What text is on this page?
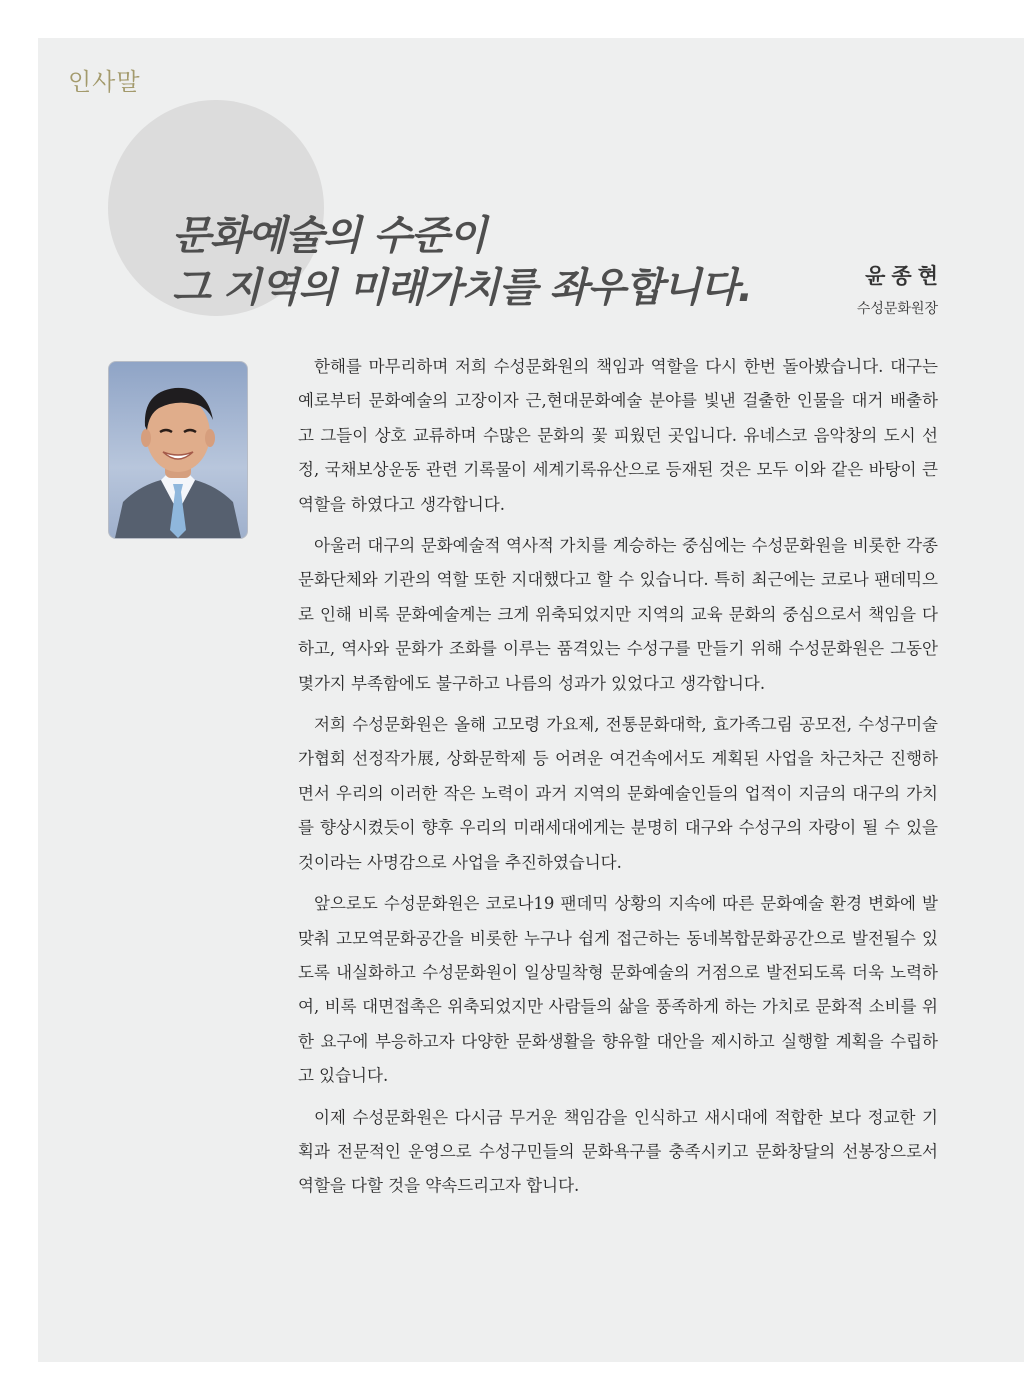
인사말
문화예술의 수준이
그 지역의 미래가치를 좌우합니다.	윤종현
수성문화원장

한해를 마무리하며 저희 수성문화원의 책임과 역할을 다시 한번 돌아봤습니다. 대구는 예로부터 문화예술의 고장이자 근,현대문화예술 분야를 빛낸 걸출한 인물을 대거 배출하고 그들이 상호 교류하며 수많은 문화의 꽃 피웠던 곳입니다. 유네스코 음악창의 도시 선정, 국채보상운동 관련 기록물이 세계기록유산으로 등재된 것은 모두 이와 같은 바탕이 큰 역할을 하였다고 생각합니다.

아울러 대구의 문화예술적 역사적 가치를 계승하는 중심에는 수성문화원을 비롯한 각종 문화단체와 기관의 역할 또한 지대했다고 할 수 있습니다. 특히 최근에는 코로나 팬데믹으로 인해 비록 문화예술계는 크게 위축되었지만 지역의 교육 문화의 중심으로서 책임을 다하고, 역사와 문화가 조화를 이루는 품격있는 수성구를 만들기 위해 수성문화원은 그동안 몇가지 부족함에도 불구하고 나름의 성과가 있었다고 생각합니다.

저희 수성문화원은 올해 고모령 가요제, 전통문화대학, 효가족그림 공모전, 수성구미술가협회 선정작가展, 상화문학제 등 어려운 여건속에서도 계획된 사업을 차근차근 진행하면서 우리의 이러한 작은 노력이 과거 지역의 문화예술인들의 업적이 지금의 대구의 가치를 향상시켰듯이 향후 우리의 미래세대에게는 분명히 대구와 수성구의 자랑이 될 수 있을 것이라는 사명감으로 사업을 추진하였습니다.

앞으로도 수성문화원은 코로나19 팬데믹 상황의 지속에 따른 문화예술 환경 변화에 발맞춰 고모역문화공간을 비롯한 누구나 쉽게 접근하는 동네복합문화공간으로 발전될수 있도록 내실화하고 수성문화원이 일상밀착형 문화예술의 거점으로 발전되도록 더욱 노력하여, 비록 대면접촉은 위축되었지만 사람들의 삶을 풍족하게 하는 가치로 문화적 소비를 위한 요구에 부응하고자 다양한 문화생활을 향유할 대안을 제시하고 실행할 계획을 수립하고 있습니다.

이제 수성문화원은 다시금 무거운 책임감을 인식하고 새시대에 적합한 보다 정교한 기획과 전문적인 운영으로 수성구민들의 문화욕구를 충족시키고 문화창달의 선봉장으로서 역할을 다할 것을 약속드리고자 합니다.
